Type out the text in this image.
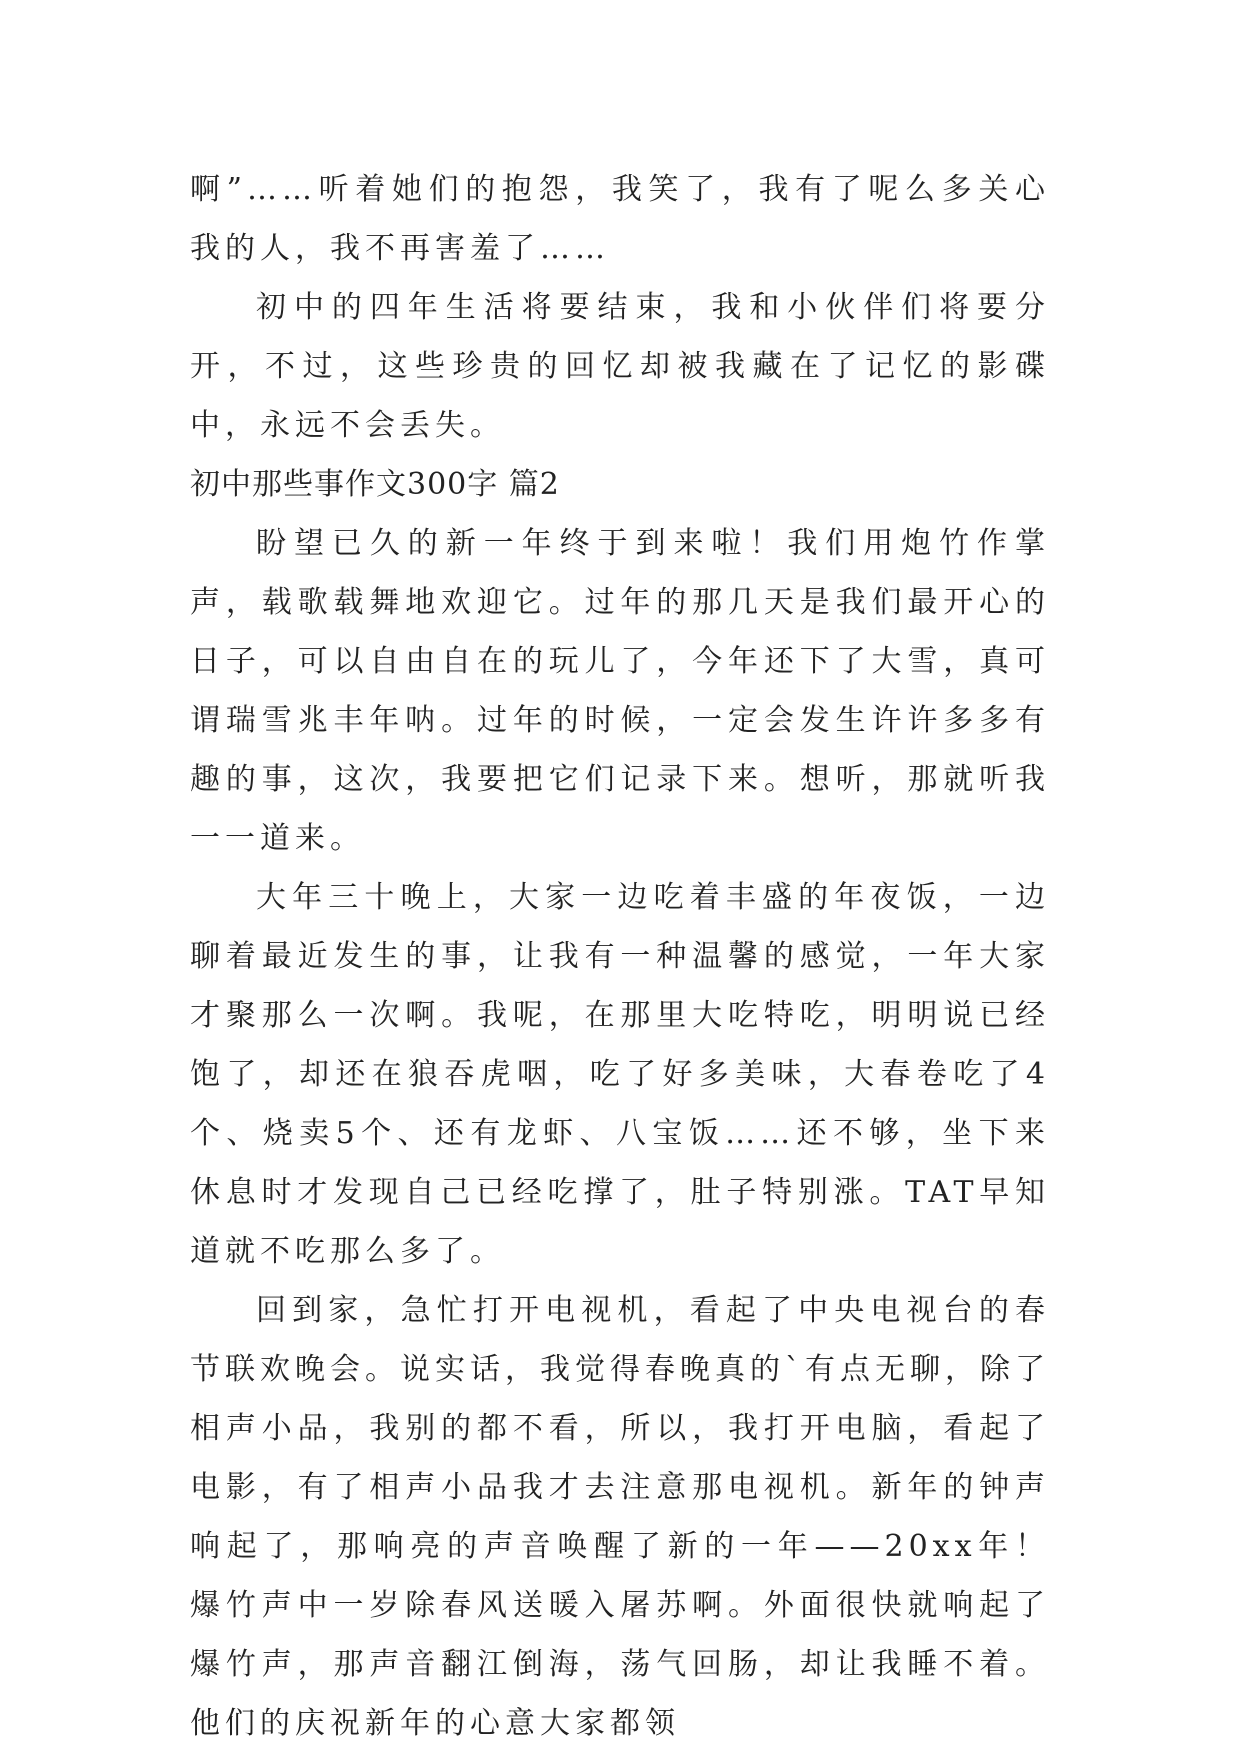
啊”……听着她们的抱怨，我笑了，我有了呢么多关心我的人，我不再害羞了……

初中的四年生活将要结束，我和小伙伴们将要分开，不过，这些珍贵的回忆却被我藏在了记忆的影碟中，永远不会丢失。

初中那些事作文300字 篇2

盼望已久的新一年终于到来啦！我们用炮竹作掌声，载歌载舞地欢迎它。过年的那几天是我们最开心的日子，可以自由自在的玩儿了，今年还下了大雪，真可谓瑞雪兆丰年呐。过年的时候，一定会发生许许多多有趣的事，这次，我要把它们记录下来。想听，那就听我一一道来。

大年三十晚上，大家一边吃着丰盛的年夜饭，一边聊着最近发生的事，让我有一种温馨的感觉，一年大家才聚那么一次啊。我呢，在那里大吃特吃，明明说已经饱了，却还在狼吞虎咽，吃了好多美味，大春卷吃了4个、烧卖5个、还有龙虾、八宝饭……还不够，坐下来休息时才发现自己已经吃撑了，肚子特别涨。TAT早知道就不吃那么多了。

回到家，急忙打开电视机，看起了中央电视台的春节联欢晚会。说实话，我觉得春晚真的`有点无聊，除了相声小品，我别的都不看，所以，我打开电脑，看起了电影，有了相声小品我才去注意那电视机。新年的钟声响起了，那响亮的声音唤醒了新的一年——20xx年！爆竹声中一岁除春风送暖入屠苏啊。外面很快就响起了爆竹声，那声音翻江倒海，荡气回肠，却让我睡不着。他们的庆祝新年的心意大家都领
